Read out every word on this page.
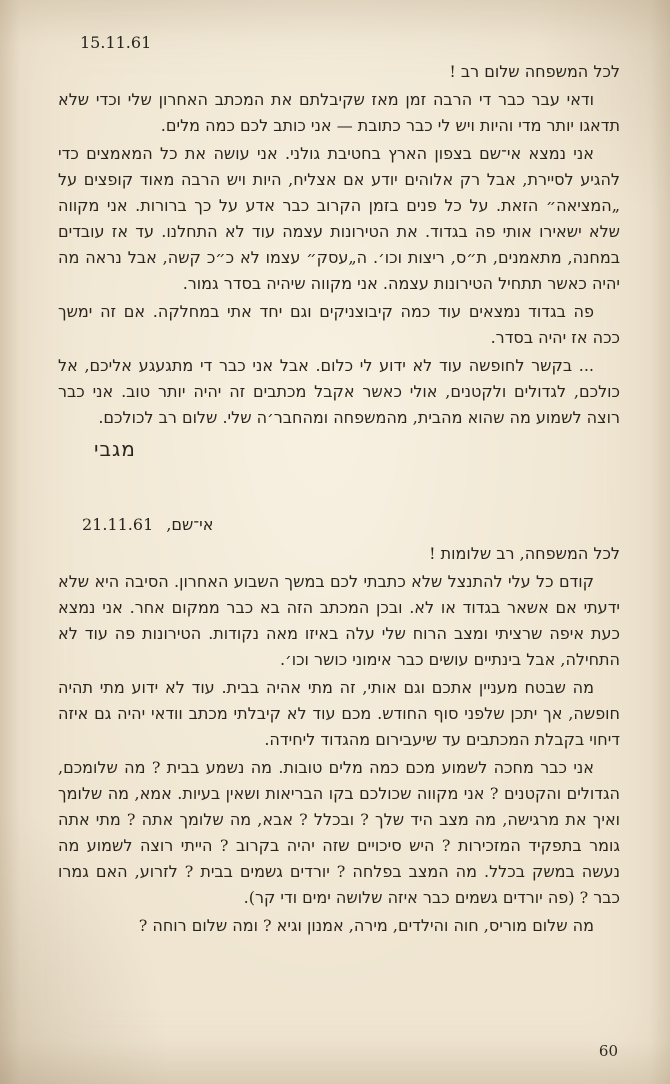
15.11.61
לכל המשפחה שלום רב !

ודאי עבר כבר די הרבה זמן מאז שקיבלתם את המכתב האחרון שלי וכדי שלא תדאגו יותר מדי והיות ויש לי כבר כתובת — אני כותב לכם כמה מלים.

אני נמצא אי־שם בצפון הארץ בחטיבת גולני. אני עושה את כל המאמצים כדי להגיע לסיירת, אבל רק אלוהים יודע אם אצליח, היות ויש הרבה מאוד קופצים על „המציאה״ הזאת. על כל פנים בזמן הקרוב כבר אדע על כך ברורות. אני מקווה שלא ישאירו אותי פה בגדוד. את הטירונות עצמה עוד לא התחלנו. עד אז עובדים במחנה, מתאמנים, ת״ס, ריצות וכו׳. ה„עסק״ עצמו לא כ״כ קשה, אבל נראה מה יהיה כאשר תתחיל הטירונות עצמה. אני מקווה שיהיה בסדר גמור.

פה בגדוד נמצאים עוד כמה קיבוצניקים וגם יחד אתי במחלקה. אם זה ימשך ככה אז יהיה בסדר.

... בקשר לחופשה עוד לא ידוע לי כלום. אבל אני כבר די מתגעגע אליכם, אל כולכם, לגדולים ולקטנים, אולי כאשר אקבל מכתבים זה יהיה יותר טוב. אני כבר רוצה לשמוע מה שהוא מהבית, מהמשפחה ומהחבר׳ה שלי. שלום רב לכולכם.

מגבי
אי־שם, 21.11.61
לכל המשפחה, רב שלומות !

קודם כל עלי להתנצל שלא כתבתי לכם במשך השבוע האחרון. הסיבה היא שלא ידעתי אם אשאר בגדוד או לא. ובכן המכתב הזה בא כבר ממקום אחר. אני נמצא כעת איפה שרציתי ומצב הרוח שלי עלה באיזו מאה נקודות. הטירונות פה עוד לא התחילה, אבל בינתיים עושים כבר אימוני כושר וכו׳.

מה שבטח מעניין אתכם וגם אותי, זה מתי אהיה בבית. עוד לא ידוע מתי תהיה חופשה, אך יתכן שלפני סוף החודש. מכם עוד לא קיבלתי מכתב וודאי יהיה גם איזה דיחוי בקבלת המכתבים עד שיעבירום מהגדוד ליחידה.

אני כבר מחכה לשמוע מכם כמה מלים טובות. מה נשמע בבית ? מה שלומכם, הגדולים והקטנים ? אני מקווה שכולכם בקו הבריאות ושאין בעיות. אמא, מה שלומך ואיך את מרגישה, מה מצב היד שלך ? ובכלל ? אבא, מה שלומך אתה ? מתי אתה גומר בתפקיד המזכירות ? היש סיכויים שזה יהיה בקרוב ? הייתי רוצה לשמוע מה נעשה במשק בכלל. מה המצב בפלחה ? יורדים גשמים בבית ? לזרוע, האם גמרו כבר ? (פה יורדים גשמים כבר איזה שלושה ימים ודי קר).

מה שלום מוריס, חוה והילדים, מירה, אמנון וגיא ? ומה שלום רוחה ?

60
